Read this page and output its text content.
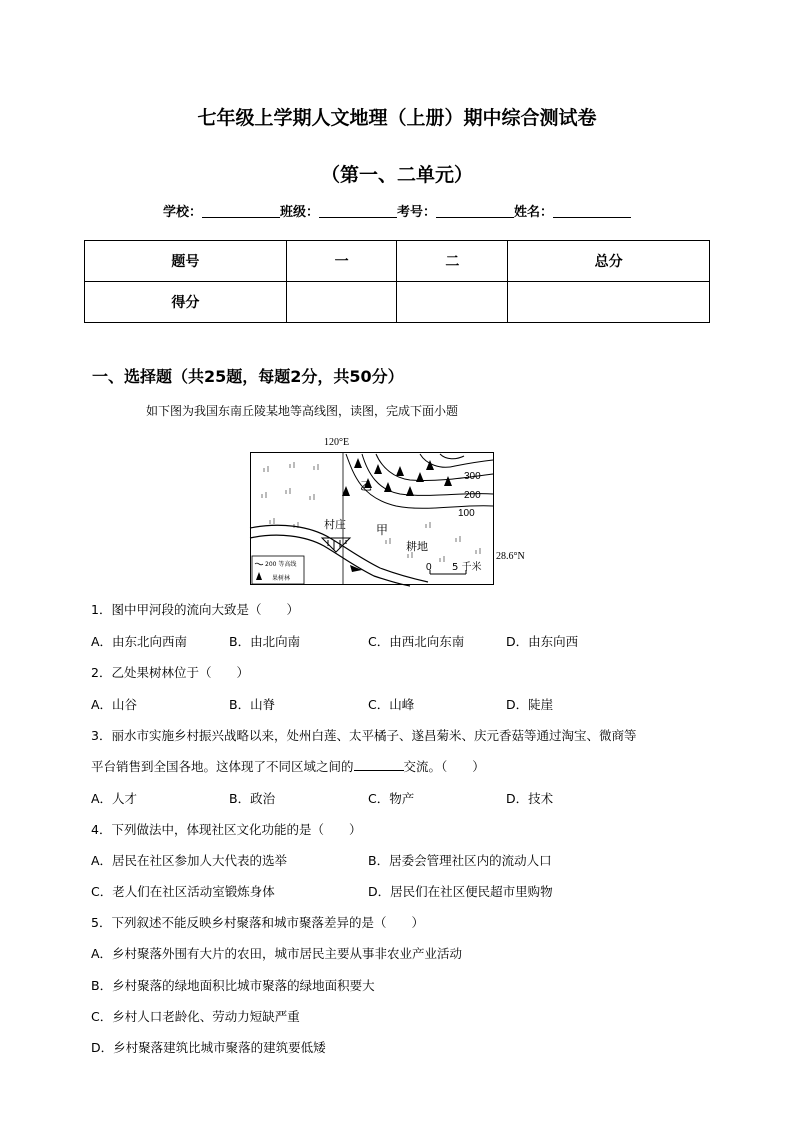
七年级上学期人文地理（上册）期中综合测试卷
（第一、二单元）
学校：	班级：	考号：	姓名：
题号	一	二	总分
得分			
一、选择题（共25题，每题2分，共50分）
如下图为我国东南丘陵某地等高线图，读图，完成下面小题
120°E
300
200
100
乙
村庄	甲
耕地
28.6°N
0 5 千米
200 等高线
果树林
1．图中甲河段的流向大致是（　　）
A．由东北向西南	B．由北向南	C．由西北向东南	D．由东向西
2．乙处果树林位于（　　）
A．山谷	B．山脊	C．山峰	D．陡崖
3．丽水市实施乡村振兴战略以来，处州白莲、太平橘子、遂昌菊米、庆元香菇等通过淘宝、微商等
平台销售到全国各地。这体现了不同区域之间的	交流。（　　）
A．人才	B．政治	C．物产	D．技术
4．下列做法中，体现社区文化功能的是（　　）
A．居民在社区参加人大代表的选举	B．居委会管理社区内的流动人口
C．老人们在社区活动室锻炼身体	D．居民们在社区便民超市里购物
5．下列叙述不能反映乡村聚落和城市聚落差异的是（　　）
A．乡村聚落外围有大片的农田，城市居民主要从事非农业产业活动
B．乡村聚落的绿地面积比城市聚落的绿地面积要大
C．乡村人口老龄化、劳动力短缺严重
D．乡村聚落建筑比城市聚落的建筑要低矮
